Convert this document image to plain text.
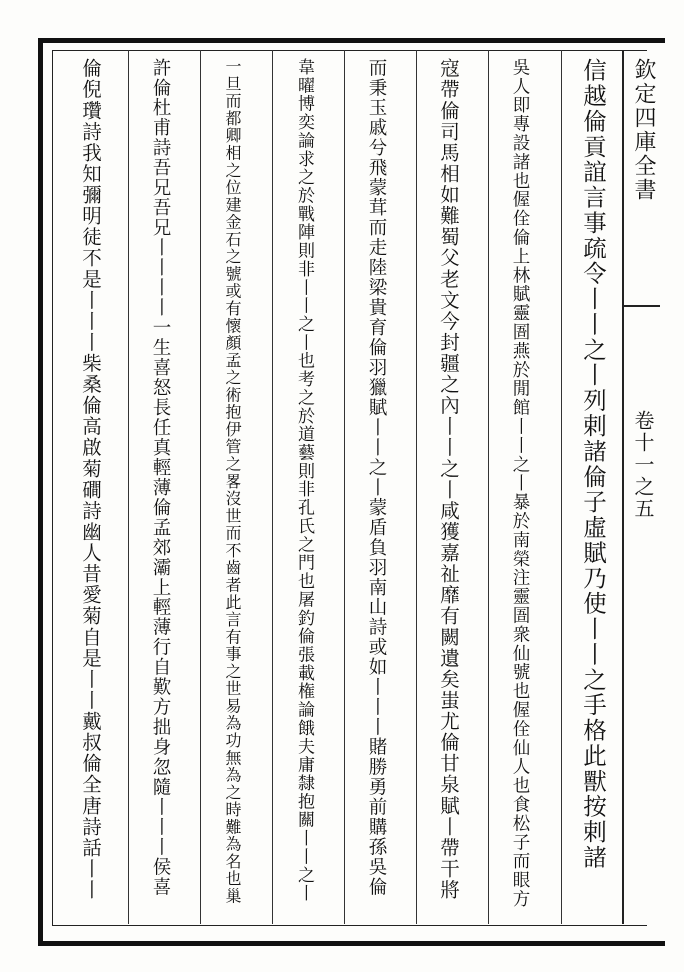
欽定四庫全書
卷十一之五
信越倫貢誼言事疏令丨丨之丨列剌諸倫子虛賦乃使丨丨之手格此獸按剌諸
吳人即專設諸也偓佺倫上林賦靈圄燕於閒館丨丨之丨暴於南榮注靈圄衆仙號也偓佺仙人也食松子而眼方
寇帶倫司馬相如難蜀父老文今封疆之內丨丨之丨咸獲嘉祉靡有闕遺矣蚩尤倫甘泉賦丨帶干將
而秉玉戚兮飛蒙茸而走陸梁貴育倫羽獵賦丨丨之丨蒙盾負羽南山詩或如丨丨丨賭勝勇前購孫吳倫
韋曜博奕論求之於戰陣則非丨丨之丨也考之於道藝則非孔氏之門也屠釣倫張載権論餓夫庸隸抱關丨丨之丨
一旦而都卿相之位建金石之號或有懷顏孟之術抱伊管之畧沒世而不齒者此言有事之世易為功無為之時難為名也巢
許倫杜甫詩吾兄吾兄丨丨丨丨一生喜怒長任真輕薄倫孟郊灞上輕薄行自歎方拙身忽隨丨丨丨侯喜
倫倪瓚詩我知彌明徒不是丨丨丨柴桑倫高啟菊磵詩幽人昔愛菊自是丨丨戴叔倫全唐詩話丨丨
